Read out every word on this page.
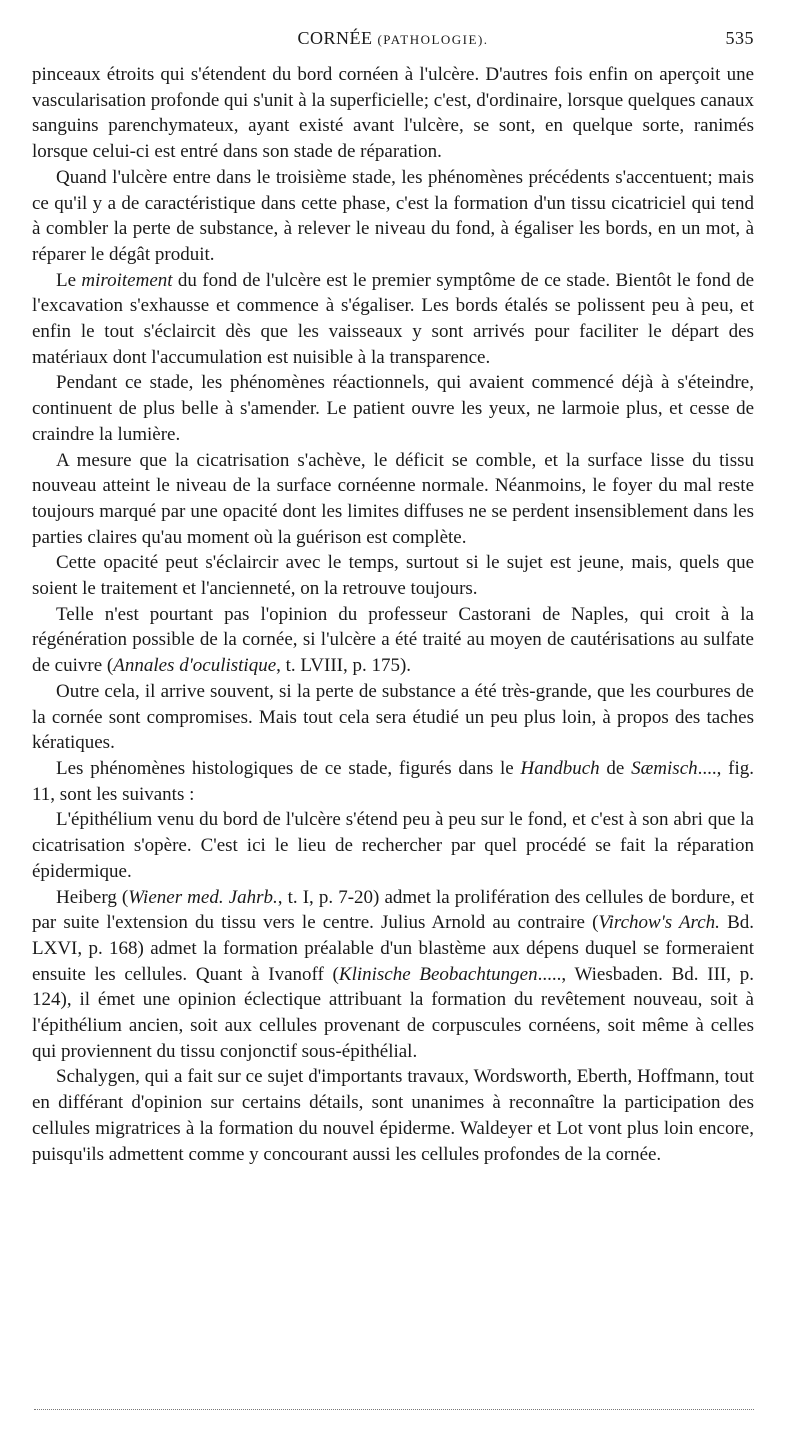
CORNÉE (PATHOLOGIE).	535

pinceaux étroits qui s'étendent du bord cornéen à l'ulcère. D'autres fois enfin on aperçoit une vascularisation profonde qui s'unit à la superficielle; c'est, d'ordinaire, lorsque quelques canaux sanguins parenchymateux, ayant existé avant l'ulcère, se sont, en quelque sorte, ranimés lorsque celui-ci est entré dans son stade de réparation.

Quand l'ulcère entre dans le troisième stade, les phénomènes précédents s'accentuent; mais ce qu'il y a de caractéristique dans cette phase, c'est la formation d'un tissu cicatriciel qui tend à combler la perte de substance, à relever le niveau du fond, à égaliser les bords, en un mot, à réparer le dégât produit.

Le miroitement du fond de l'ulcère est le premier symptôme de ce stade. Bientôt le fond de l'excavation s'exhausse et commence à s'égaliser. Les bords étalés se polissent peu à peu, et enfin le tout s'éclaircit dès que les vaisseaux y sont arrivés pour faciliter le départ des matériaux dont l'accumulation est nuisible à la transparence.

Pendant ce stade, les phénomènes réactionnels, qui avaient commencé déjà à s'éteindre, continuent de plus belle à s'amender. Le patient ouvre les yeux, ne larmoie plus, et cesse de craindre la lumière.

A mesure que la cicatrisation s'achève, le déficit se comble, et la surface lisse du tissu nouveau atteint le niveau de la surface cornéenne normale. Néanmoins, le foyer du mal reste toujours marqué par une opacité dont les limites diffuses ne se perdent insensiblement dans les parties claires qu'au moment où la guérison est complète.

Cette opacité peut s'éclaircir avec le temps, surtout si le sujet est jeune, mais, quels que soient le traitement et l'ancienneté, on la retrouve toujours.

Telle n'est pourtant pas l'opinion du professeur Castorani de Naples, qui croit à la régénération possible de la cornée, si l'ulcère a été traité au moyen de cautérisations au sulfate de cuivre (Annales d'oculistique, t. LVIII, p. 175).

Outre cela, il arrive souvent, si la perte de substance a été très-grande, que les courbures de la cornée sont compromises. Mais tout cela sera étudié un peu plus loin, à propos des taches kératiques.

Les phénomènes histologiques de ce stade, figurés dans le Handbuch de Sæmisch...., fig. 11, sont les suivants :

L'épithélium venu du bord de l'ulcère s'étend peu à peu sur le fond, et c'est à son abri que la cicatrisation s'opère. C'est ici le lieu de rechercher par quel procédé se fait la réparation épidermique.

Heiberg (Wiener med. Jahrb., t. I, p. 7-20) admet la prolifération des cellules de bordure, et par suite l'extension du tissu vers le centre. Julius Arnold au contraire (Virchow's Arch. Bd. LXVI, p. 168) admet la formation préalable d'un blastème aux dépens duquel se formeraient ensuite les cellules. Quant à Ivanoff (Klinische Beobachtungen....., Wiesbaden. Bd. III, p. 124), il émet une opinion éclectique attribuant la formation du revêtement nouveau, soit à l'épithélium ancien, soit aux cellules provenant de corpuscules cornéens, soit même à celles qui proviennent du tissu conjonctif sous-épithélial.

Schalygen, qui a fait sur ce sujet d'importants travaux, Wordsworth, Eberth, Hoffmann, tout en différant d'opinion sur certains détails, sont unanimes à reconnaître la participation des cellules migratrices à la formation du nouvel épiderme. Waldeyer et Lot vont plus loin encore, puisqu'ils admettent comme y concourant aussi les cellules profondes de la cornée.
